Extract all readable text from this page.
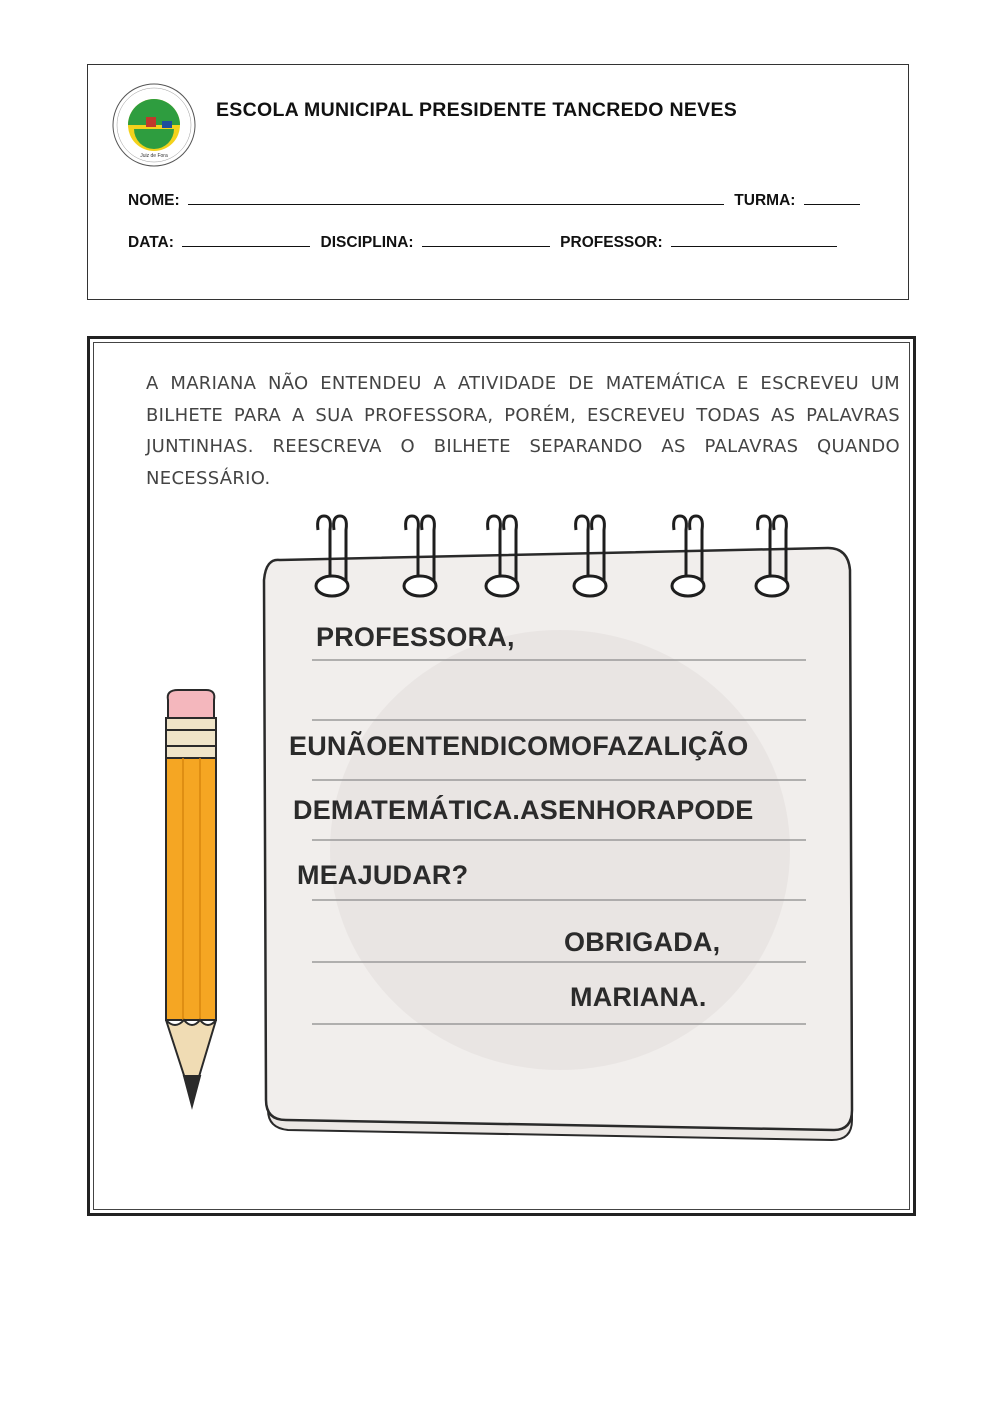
Juiz de Fora
ESCOLA MUNICIPAL PRESIDENTE TANCREDO NEVES
NOME:	TURMA:
DATA:	DISCIPLINA:	PROFESSOR:
A MARIANA NÃO ENTENDEU A ATIVIDADE DE MATEMÁTICA E ESCREVEU UM BILHETE PARA A SUA PROFESSORA, PORÉM, ESCREVEU TODAS AS PALAVRAS JUNTINHAS. REESCREVA O BILHETE SEPARANDO AS PALAVRAS QUANDO NECESSÁRIO.
PROFESSORA,
EUNÃOENTENDICOMOFAZALIÇÃO
DEMATEMÁTICA.ASENHORAPODE
MEAJUDAR?
OBRIGADA,
MARIANA.
